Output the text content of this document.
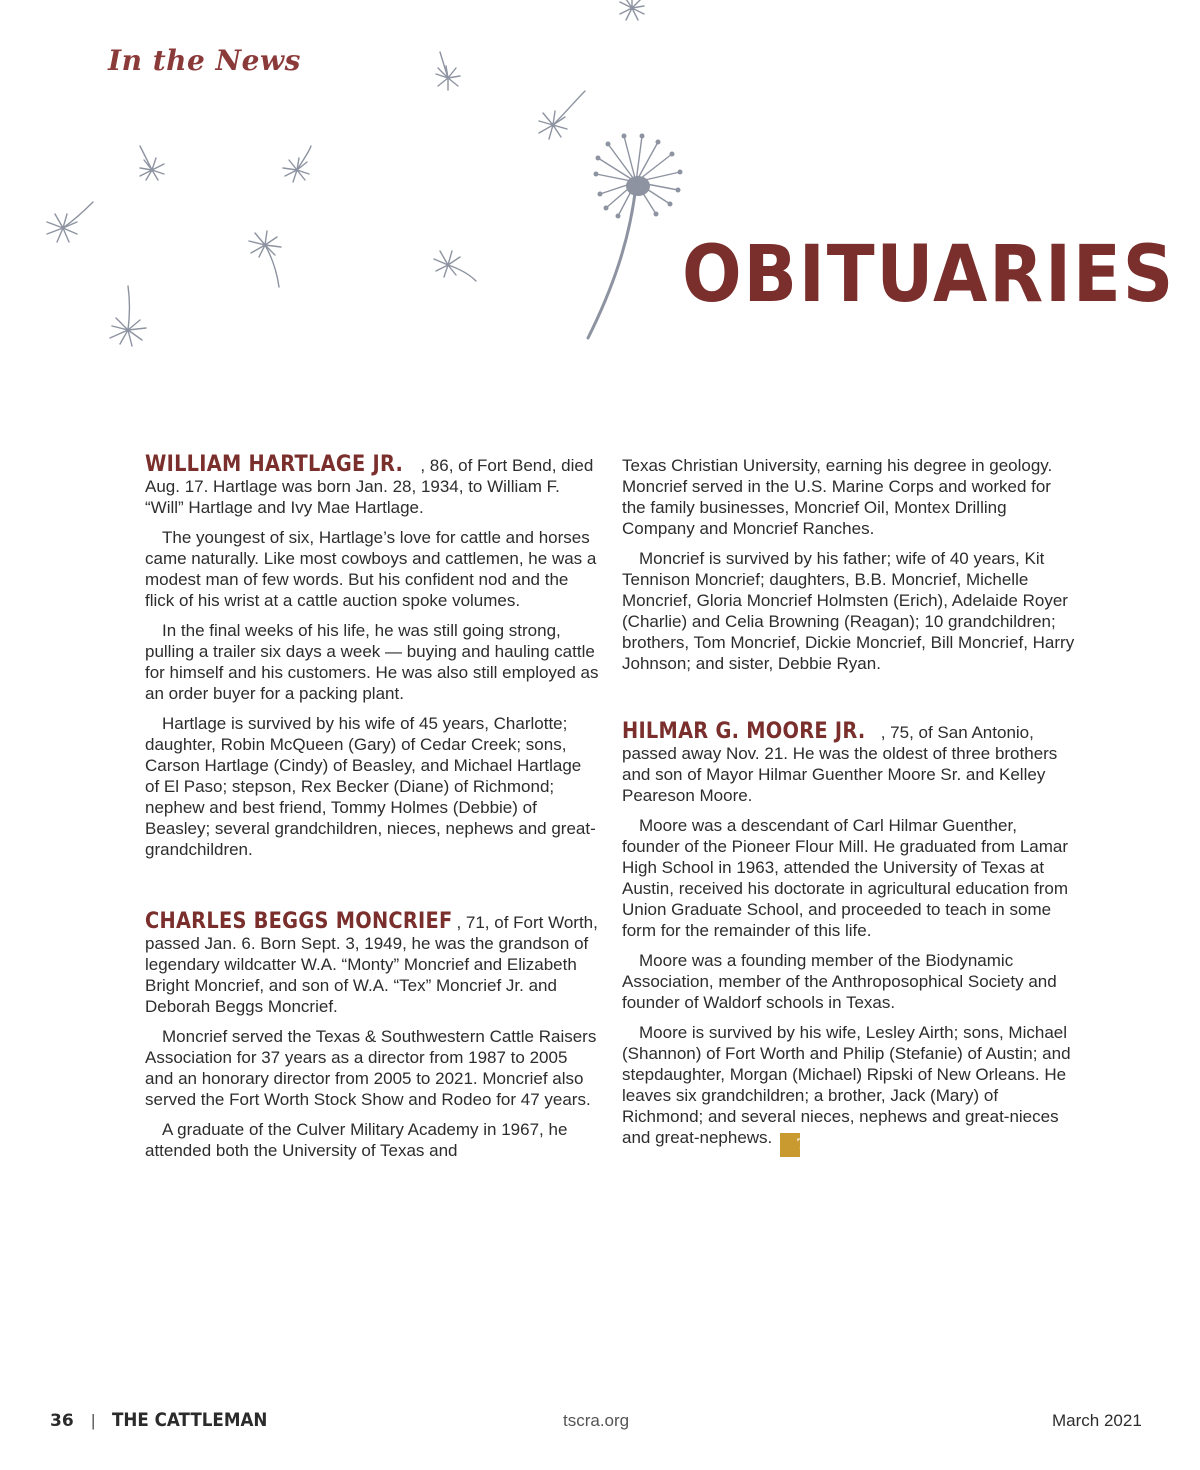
In the News
OBITUARIES

WILLIAM HARTLAGE JR. , 86, of Fort Bend, died Aug. 17. Hartlage was born Jan. 28, 1934, to William F. “Will” Hartlage and Ivy Mae Hartlage.

The youngest of six, Hartlage’s love for cattle and horses came naturally. Like most cowboys and cattlemen, he was a modest man of few words. But his confident nod and the flick of his wrist at a cattle auction spoke volumes.

In the final weeks of his life, he was still going strong, pulling a trailer six days a week — buying and hauling cattle for himself and his customers. He was also still employed as an order buyer for a packing plant.

Hartlage is survived by his wife of 45 years, Charlotte; daughter, Robin McQueen (Gary) of Cedar Creek; sons, Carson Hartlage (Cindy) of Beasley, and Michael Hartlage of El Paso; stepson, Rex Becker (Diane) of Richmond; nephew and best friend, Tommy Holmes (Debbie) of Beasley; several grandchildren, nieces, nephews and great-grandchildren.

CHARLES BEGGS MONCRIEF , 71, of Fort Worth, passed Jan. 6. Born Sept. 3, 1949, he was the grandson of legendary wildcatter W.A. “Monty” Moncrief and Elizabeth Bright Moncrief, and son of W.A. “Tex” Moncrief Jr. and Deborah Beggs Moncrief.

Moncrief served the Texas & Southwestern Cattle Raisers Association for 37 years as a director from 1987 to 2005 and an honorary director from 2005 to 2021. Moncrief also served the Fort Worth Stock Show and Rodeo for 47 years.

A graduate of the Culver Military Academy in 1967, he attended both the University of Texas and

Texas Christian University, earning his degree in geology. Moncrief served in the U.S. Marine Corps and worked for the family businesses, Moncrief Oil, Montex Drilling Company and Moncrief Ranches.

Moncrief is survived by his father; wife of 40 years, Kit Tennison Moncrief; daughters, B.B. Moncrief, Michelle Moncrief, Gloria Moncrief Holmsten (Erich), Adelaide Royer (Charlie) and Celia Browning (Reagan); 10 grandchildren; brothers, Tom Moncrief, Dickie Moncrief, Bill Moncrief, Harry Johnson; and sister, Debbie Ryan.

HILMAR G. MOORE JR. , 75, of San Antonio, passed away Nov. 21. He was the oldest of three brothers and son of Mayor Hilmar Guenther Moore Sr. and Kelley Peareson Moore.

Moore was a descendant of Carl Hilmar Guenther, founder of the Pioneer Flour Mill. He graduated from Lamar High School in 1963, attended the University of Texas at Austin, received his doctorate in agricultural education from Union Graduate School, and proceeded to teach in some form for the remainder of this life.

Moore was a founding member of the Biodynamic Association, member of the Anthroposophical Society and founder of Waldorf schools in Texas.

Moore is survived by his wife, Lesley Airth; sons, Michael (Shannon) of Fort Worth and Philip (Stefanie) of Austin; and stepdaughter, Morgan (Michael) Ripski of New Orleans. He leaves six grandchildren; a brother, Jack (Mary) of Richmond; and several nieces, nephews and great-nieces and great-nephews. TC

36 | THE CATTLEMAN	tscra.org	March 2021
